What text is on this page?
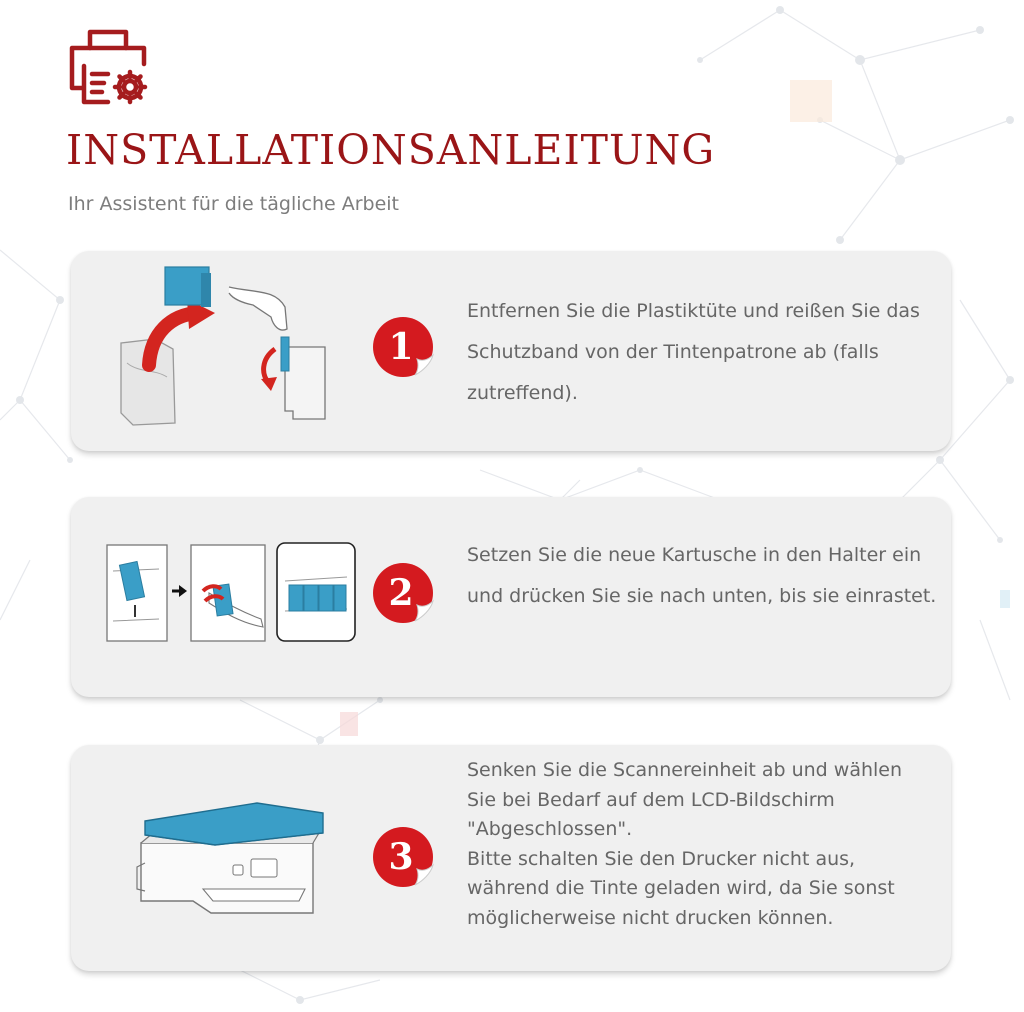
INSTALLATIONSANLEITUNG
Ihr Assistent für die tägliche Arbeit
1
Entfernen Sie die Plastiktüte und reißen Sie das Schutzband von der Tintenpatrone ab (falls zutreffend).
2
Setzen Sie die neue Kartusche in den Halter ein und drücken Sie sie nach unten, bis sie einrastet.
3
Senken Sie die Scannereinheit ab und wählen Sie bei Bedarf auf dem LCD-Bildschirm "Abgeschlossen".
Bitte schalten Sie den Drucker nicht aus, während die Tinte geladen wird, da Sie sonst möglicherweise nicht drucken können.
